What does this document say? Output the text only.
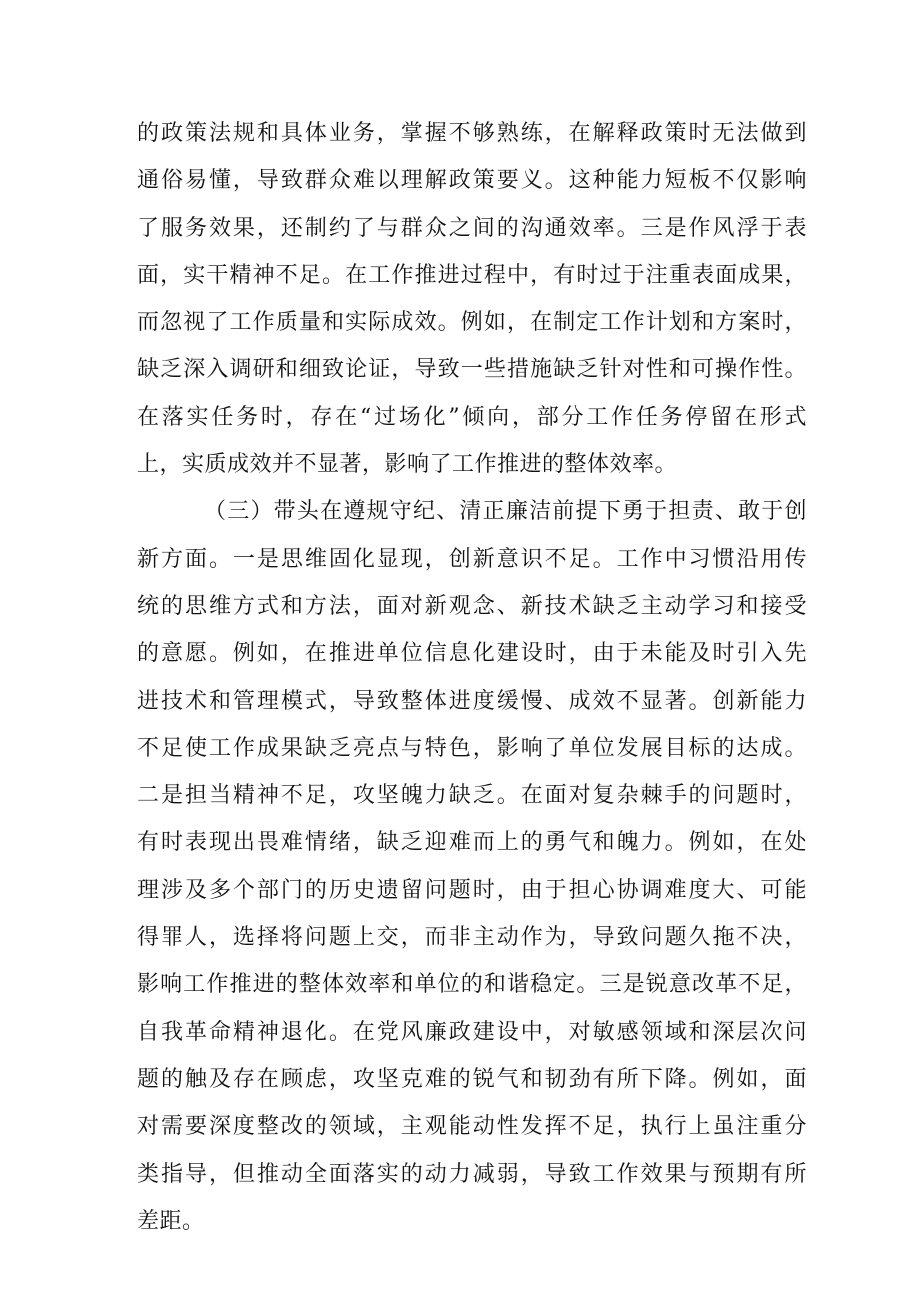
的政策法规和具体业务，掌握不够熟练，在解释政策时无法做到
通俗易懂，导致群众难以理解政策要义。这种能力短板不仅影响
了服务效果，还制约了与群众之间的沟通效率。三是作风浮于表
面，实干精神不足。在工作推进过程中，有时过于注重表面成果，
而忽视了工作质量和实际成效。例如，在制定工作计划和方案时，
缺乏深入调研和细致论证，导致一些措施缺乏针对性和可操作性。
在落实任务时，存在“过场化”倾向，部分工作任务停留在形式
上，实质成效并不显著，影响了工作推进的整体效率。
（三）带头在遵规守纪、清正廉洁前提下勇于担责、敢于创
新方面。一是思维固化显现，创新意识不足。工作中习惯沿用传
统的思维方式和方法，面对新观念、新技术缺乏主动学习和接受
的意愿。例如，在推进单位信息化建设时，由于未能及时引入先
进技术和管理模式，导致整体进度缓慢、成效不显著。创新能力
不足使工作成果缺乏亮点与特色，影响了单位发展目标的达成。
二是担当精神不足，攻坚魄力缺乏。在面对复杂棘手的问题时，
有时表现出畏难情绪，缺乏迎难而上的勇气和魄力。例如，在处
理涉及多个部门的历史遗留问题时，由于担心协调难度大、可能
得罪人，选择将问题上交，而非主动作为，导致问题久拖不决，
影响工作推进的整体效率和单位的和谐稳定。三是锐意改革不足，
自我革命精神退化。在党风廉政建设中，对敏感领域和深层次问
题的触及存在顾虑，攻坚克难的锐气和韧劲有所下降。例如，面
对需要深度整改的领域，主观能动性发挥不足，执行上虽注重分
类指导，但推动全面落实的动力减弱，导致工作效果与预期有所
差距。
